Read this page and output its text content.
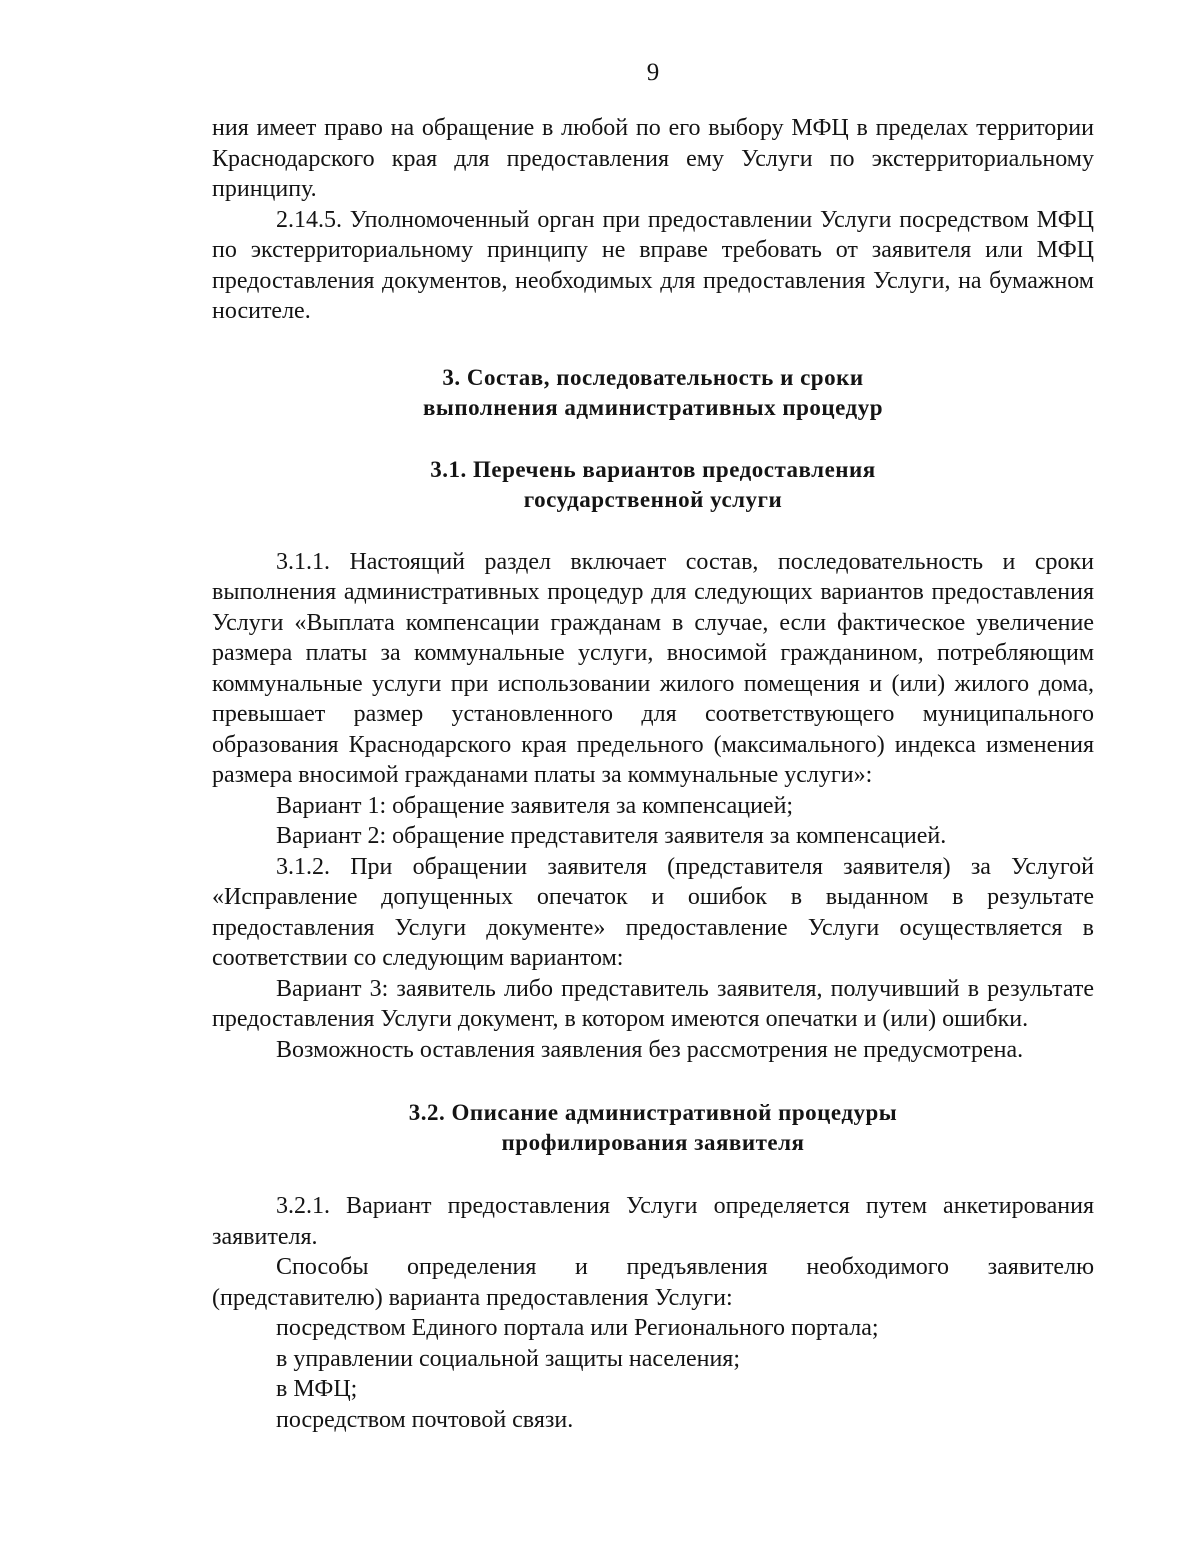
9

ния имеет право на обращение в любой по его выбору МФЦ в пределах территории Краснодарского края для предоставления ему Услуги по экстерриториальному принципу.

2.14.5. Уполномоченный орган при предоставлении Услуги посредством МФЦ по экстерриториальному принципу не вправе требовать от заявителя или МФЦ предоставления документов, необходимых для предоставления Услуги, на бумажном носителе.

3. Состав, последовательность и сроки

выполнения административных процедур

3.1. Перечень вариантов предоставления

государственной услуги

3.1.1. Настоящий раздел включает состав, последовательность и сроки выполнения административных процедур для следующих вариантов предоставления Услуги «Выплата компенсации гражданам в случае, если фактическое увеличение размера платы за коммунальные услуги, вносимой гражданином, потребляющим коммунальные услуги при использовании жилого помещения и (или) жилого дома, превышает размер установленного для соответствующего муниципального образования Краснодарского края предельного (максимального) индекса изменения размера вносимой гражданами платы за коммунальные услуги»:

Вариант 1: обращение заявителя за компенсацией;

Вариант 2: обращение представителя заявителя за компенсацией.

3.1.2. При обращении заявителя (представителя заявителя) за Услугой «Исправление допущенных опечаток и ошибок в выданном в результате предоставления Услуги документе» предоставление Услуги осуществляется в соответствии со следующим вариантом:

Вариант 3: заявитель либо представитель заявителя, получивший в результате предоставления Услуги документ, в котором имеются опечатки и (или) ошибки.

Возможность оставления заявления без рассмотрения не предусмотрена.

3.2. Описание административной процедуры

профилирования заявителя

3.2.1. Вариант предоставления Услуги определяется путем анкетирования заявителя.

Способы определения и предъявления необходимого заявителю (представителю) варианта предоставления Услуги:

посредством Единого портала или Регионального портала;

в управлении социальной защиты населения;

в МФЦ;

посредством почтовой связи.
